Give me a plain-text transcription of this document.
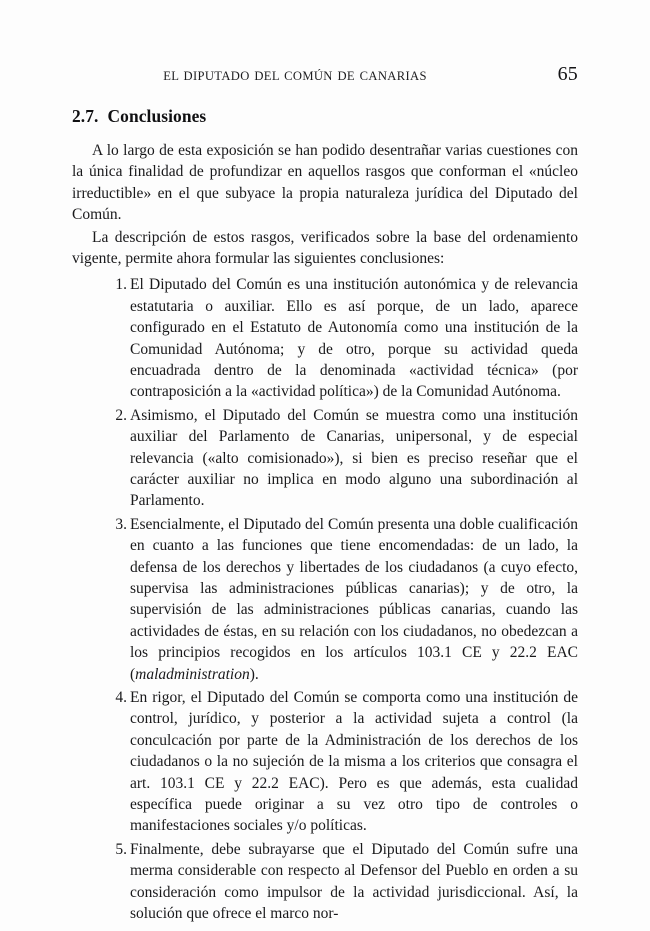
EL DIPUTADO DEL COMÚN DE CANARIAS	65
2.7. Conclusiones

A lo largo de esta exposición se han podido desentrañar varias cuestiones con la única finalidad de profundizar en aquellos rasgos que conforman el «núcleo irreductible» en el que subyace la propia naturaleza jurídica del Diputado del Común.

La descripción de estos rasgos, verificados sobre la base del ordenamiento vigente, permite ahora formular las siguientes conclusiones:

1. El Diputado del Común es una institución autonómica y de relevancia estatutaria o auxiliar. Ello es así porque, de un lado, aparece configurado en el Estatuto de Autonomía como una institución de la Comunidad Autónoma; y de otro, porque su actividad queda encuadrada dentro de la denominada «actividad técnica» (por contraposición a la «actividad política») de la Comunidad Autónoma.
2. Asimismo, el Diputado del Común se muestra como una institución auxiliar del Parlamento de Canarias, unipersonal, y de especial relevancia («alto comisionado»), si bien es preciso reseñar que el carácter auxiliar no implica en modo alguno una subordinación al Parlamento.
3. Esencialmente, el Diputado del Común presenta una doble cualificación en cuanto a las funciones que tiene encomendadas: de un lado, la defensa de los derechos y libertades de los ciudadanos (a cuyo efecto, supervisa las administraciones públicas canarias); y de otro, la supervisión de las administraciones públicas canarias, cuando las actividades de éstas, en su relación con los ciudadanos, no obedezcan a los principios recogidos en los artículos 103.1 CE y 22.2 EAC (maladministration).
4. En rigor, el Diputado del Común se comporta como una institución de control, jurídico, y posterior a la actividad sujeta a control (la conculcación por parte de la Administración de los derechos de los ciudadanos o la no sujeción de la misma a los criterios que consagra el art. 103.1 CE y 22.2 EAC). Pero es que además, esta cualidad específica puede originar a su vez otro tipo de controles o manifestaciones sociales y/o políticas.
5. Finalmente, debe subrayarse que el Diputado del Común sufre una merma considerable con respecto al Defensor del Pueblo en orden a su consideración como impulsor de la actividad jurisdiccional. Así, la solución que ofrece el marco nor-
